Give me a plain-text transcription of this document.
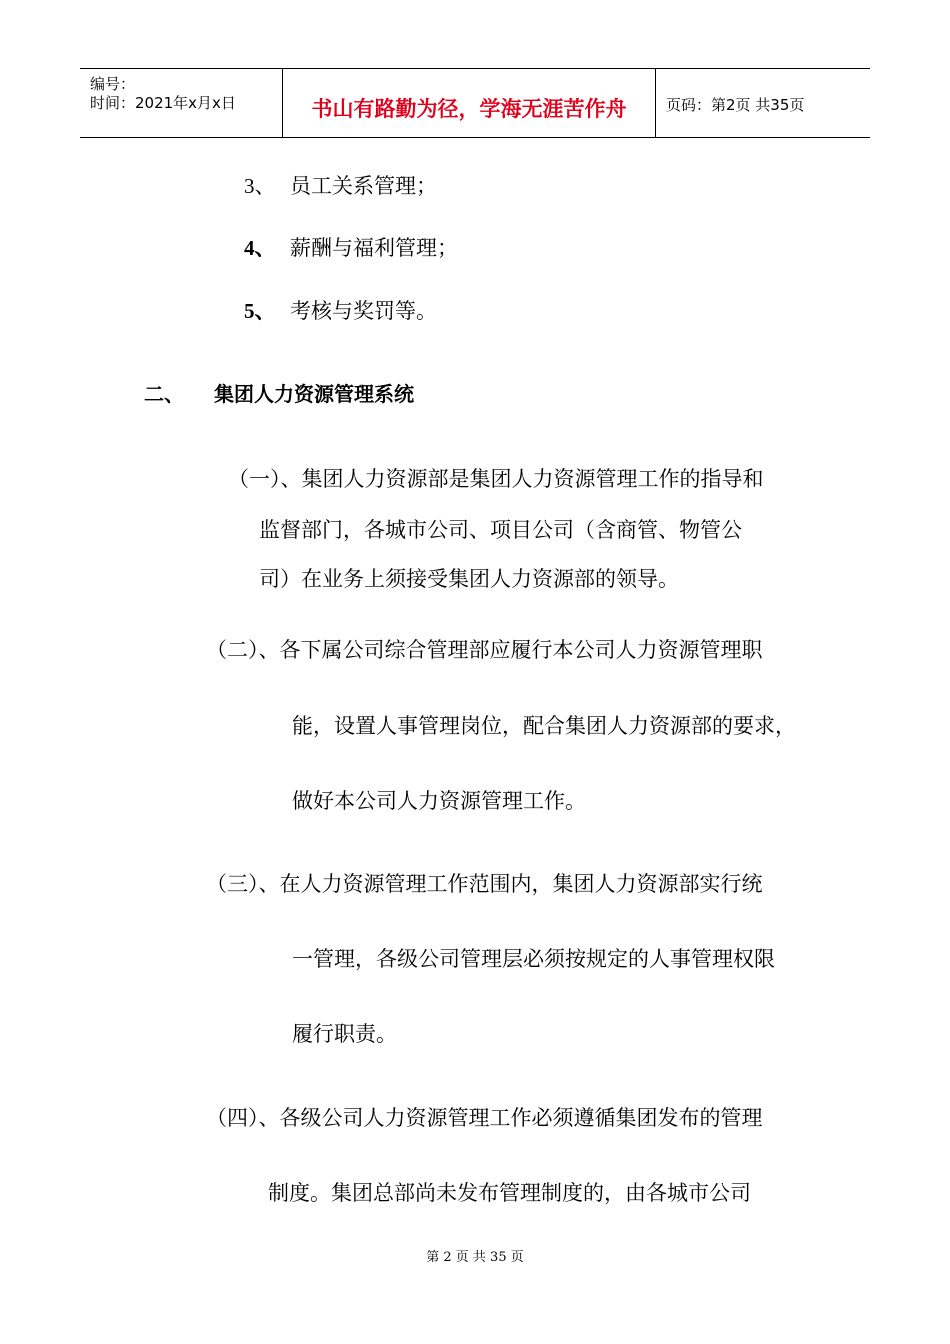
编号：
时间：2021年x月x日	书山有路勤为径，学海无涯苦作舟	页码：第2页 共35页
3、 员工关系管理；
4、 薪酬与福利管理；
5、 考核与奖罚等。
二、 集团人力资源管理系统
（一）、集团人力资源部是集团人力资源管理工作的指导和
监督部门，各城市公司、项目公司（含商管、物管公
司）在业务上须接受集团人力资源部的领导。
（二）、各下属公司综合管理部应履行本公司人力资源管理职
能，设置人事管理岗位，配合集团人力资源部的要求，
做好本公司人力资源管理工作。
（三）、在人力资源管理工作范围内，集团人力资源部实行统
一管理，各级公司管理层必须按规定的人事管理权限
履行职责。
（四）、各级公司人力资源管理工作必须遵循集团发布的管理
制度。集团总部尚未发布管理制度的，由各城市公司
第 2 页 共 35 页
